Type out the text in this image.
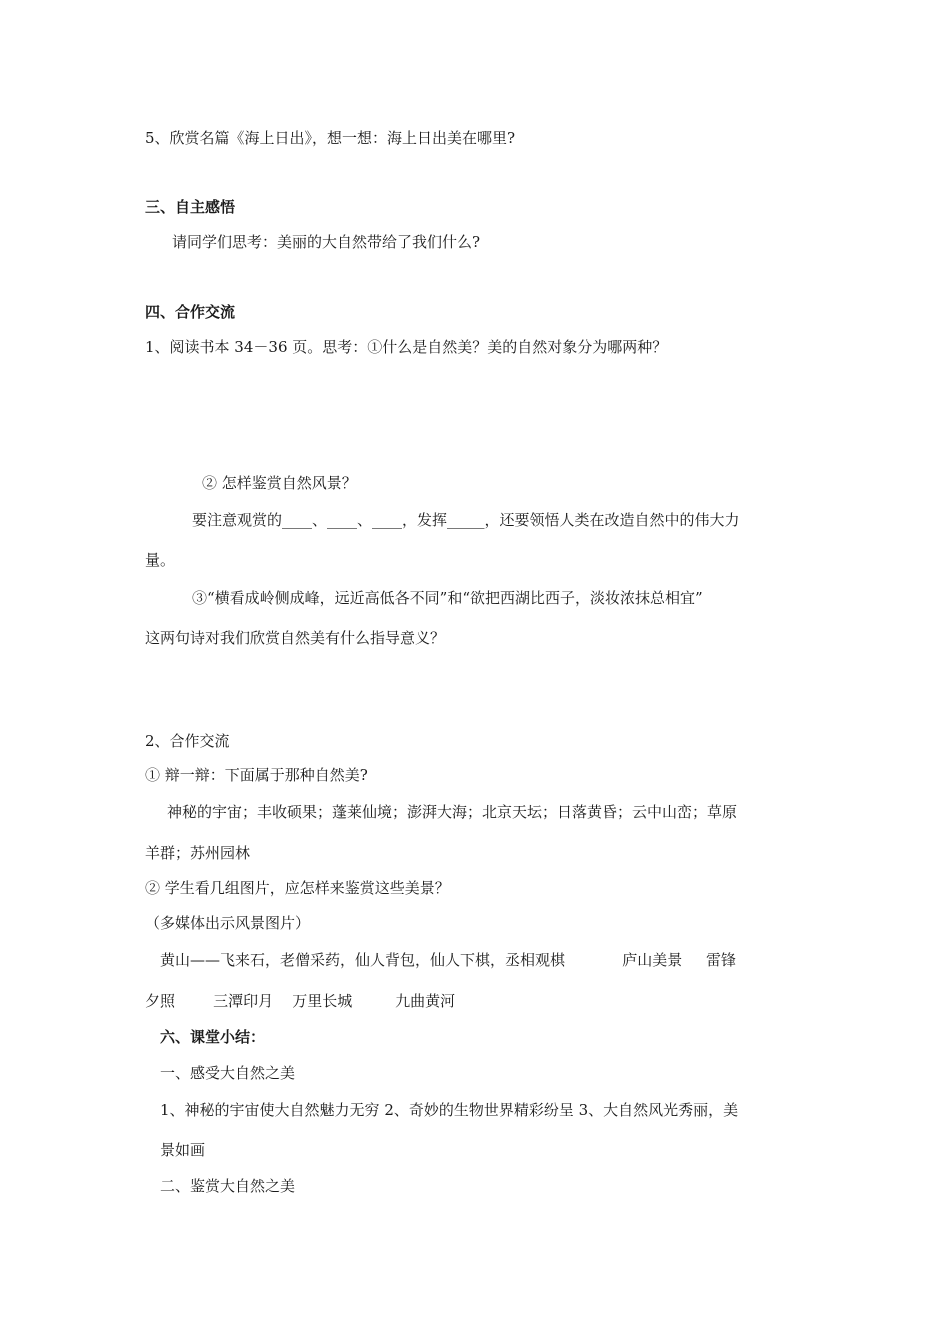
5、欣赏名篇《海上日出》，想一想：海上日出美在哪里?
三、自主感悟
请同学们思考：美丽的大自然带给了我们什么?
四、合作交流
1、阅读书本 34－36 页。思考：①什么是自然美？美的自然对象分为哪两种？
② 怎样鉴赏自然风景？
要注意观赏的____、____、____，发挥_____，还要领悟人类在改造自然中的伟大力
量。
③“横看成岭侧成峰，远近高低各不同”和“欲把西湖比西子，淡妆浓抹总相宜”
这两句诗对我们欣赏自然美有什么指导意义？
2、合作交流
① 辩一辩：下面属于那种自然美?
神秘的宇宙；丰收硕果；蓬莱仙境；澎湃大海；北京天坛；日落黄昏；云中山峦；草原
羊群；苏州园林
② 学生看几组图片，应怎样来鉴赏这些美景？
（多媒体出示风景图片）
黄山——飞来石，老僧采药，仙人背包，仙人下棋，丞相观棋            庐山美景     雷锋
夕照        三潭印月    万里长城         九曲黄河
六、课堂小结：
一、感受大自然之美
1、神秘的宇宙使大自然魅力无穷 2、奇妙的生物世界精彩纷呈 3、大自然风光秀丽，美
景如画
二、鉴赏大自然之美
